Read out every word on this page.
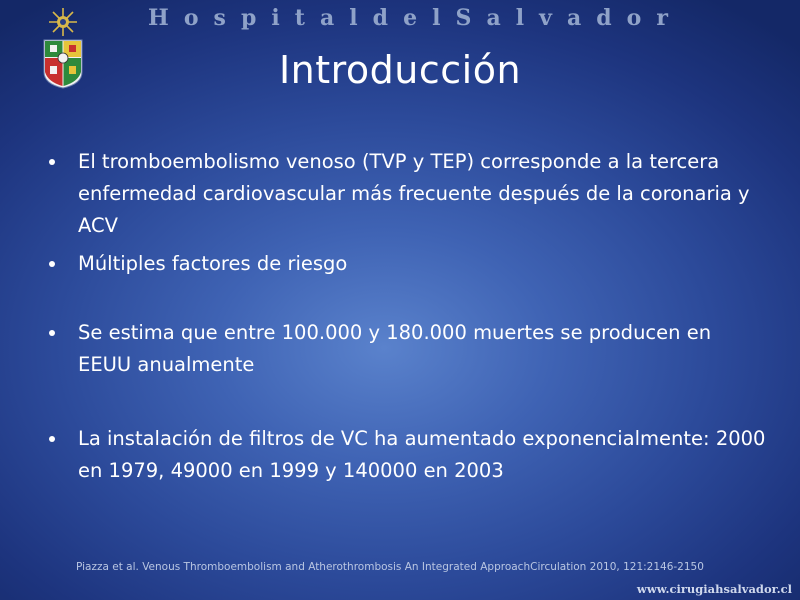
H o s p i t a l d e l S a l v a d o r
Introducción
El tromboembolismo venoso (TVP y TEP) corresponde a la tercera enfermedad cardiovascular más frecuente después de la coronaria y ACV
Múltiples factores de riesgo
Se estima que entre 100.000 y 180.000 muertes se producen en EEUU anualmente
La instalación de filtros de VC ha aumentado exponencialmente: 2000 en 1979, 49000 en 1999 y 140000 en 2003
Piazza et al. Venous Thromboembolism and Atherothrombosis An Integrated ApproachCirculation 2010, 121:2146-2150
www.cirugiahsalvador.cl
